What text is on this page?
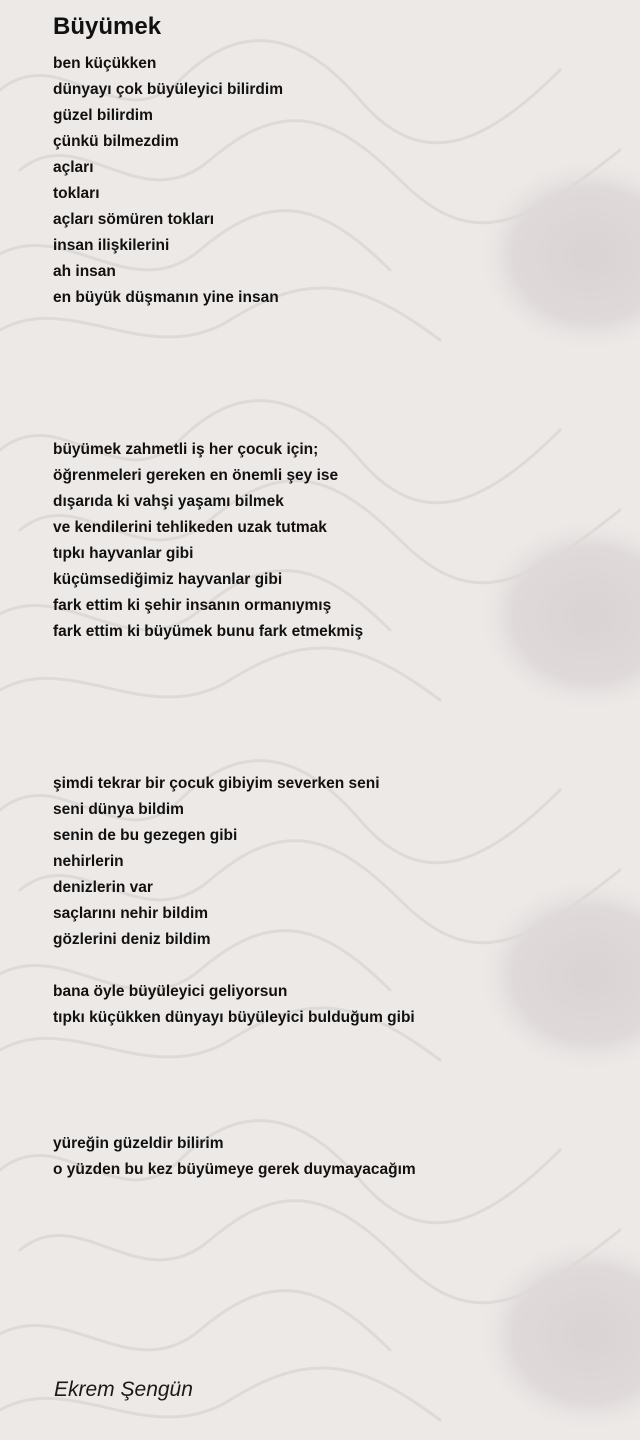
Büyümek
ben küçükken
dünyayı çok büyüleyici bilirdim
güzel bilirdim
çünkü bilmezdim
açları
tokları
açları sömüren tokları
insan ilişkilerini
ah insan
en büyük düşmanın yine insan
büyümek zahmetli iş her çocuk için;
öğrenmeleri gereken en önemli şey ise
dışarıda ki vahşi yaşamı bilmek
ve kendilerini tehlikeden uzak tutmak
tıpkı hayvanlar gibi
küçümsediğimiz hayvanlar gibi
fark ettim ki şehir insanın ormanıymış
fark ettim ki büyümek bunu fark etmekmiş
şimdi tekrar bir çocuk gibiyim severken seni
seni dünya bildim
senin de bu gezegen gibi
nehirlerin
denizlerin var
saçlarını nehir bildim
gözlerini deniz bildim
bana öyle büyüleyici geliyorsun
tıpkı küçükken dünyayı büyüleyici bulduğum gibi
yüreğin güzeldir bilirim
o yüzden bu kez büyümeye gerek duymayacağım
Ekrem Şengün
